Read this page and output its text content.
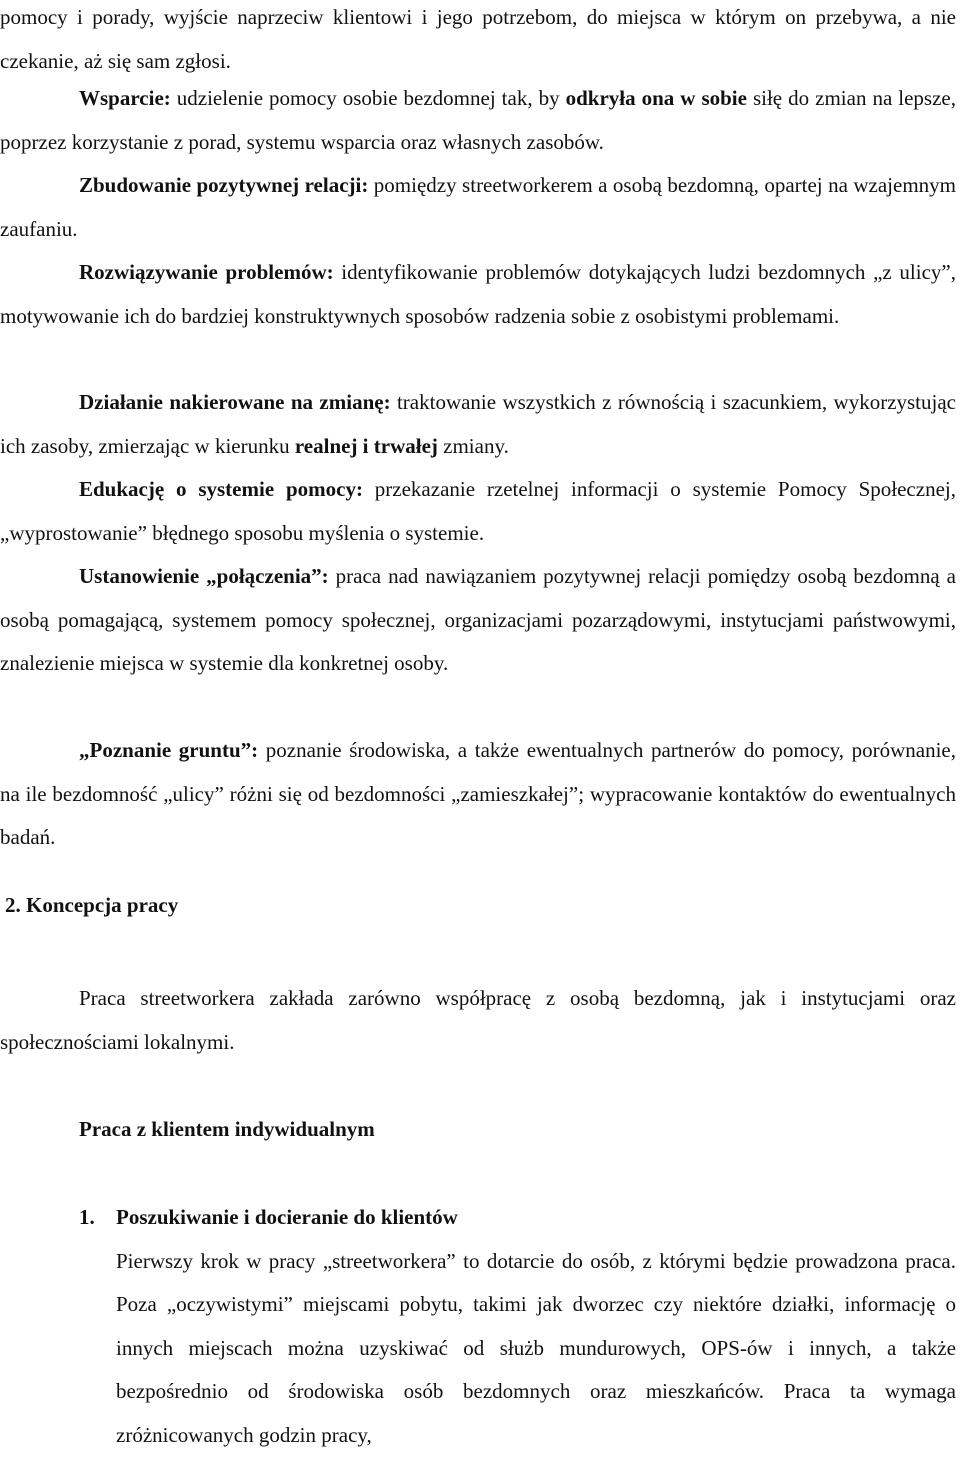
pomocy i porady, wyjście naprzeciw klientowi i jego potrzebom, do miejsca w którym on przebywa, a nie czekanie, aż się sam zgłosi.

Wsparcie: udzielenie pomocy osobie bezdomnej tak, by odkryła ona w sobie siłę do zmian na lepsze, poprzez korzystanie z porad, systemu wsparcia oraz własnych zasobów.

Zbudowanie pozytywnej relacji: pomiędzy streetworkerem a osobą bezdomną, opartej na wzajemnym zaufaniu.

Rozwiązywanie problemów: identyfikowanie problemów dotykających ludzi bezdomnych „z ulicy”, motywowanie ich do bardziej konstruktywnych sposobów radzenia sobie z osobistymi problemami.

Działanie nakierowane na zmianę: traktowanie wszystkich z równością i szacunkiem, wykorzystując ich zasoby, zmierzając w kierunku realnej i trwałej zmiany.

Edukację o systemie pomocy: przekazanie rzetelnej informacji o systemie Pomocy Społecznej, „wyprostowanie” błędnego sposobu myślenia o systemie.

Ustanowienie „połączenia”: praca nad nawiązaniem pozytywnej relacji pomiędzy osobą bezdomną a osobą pomagającą, systemem pomocy społecznej, organizacjami pozarządowymi, instytucjami państwowymi, znalezienie miejsca w systemie dla konkretnej osoby.

„Poznanie gruntu”: poznanie środowiska, a także ewentualnych partnerów do pomocy, porównanie, na ile bezdomność „ulicy” różni się od bezdomności „zamieszkałej”; wypracowanie kontaktów do ewentualnych badań.

2. Koncepcja pracy

Praca streetworkera zakłada zarówno współpracę z osobą bezdomną, jak i instytucjami oraz społecznościami lokalnymi.

Praca z klientem indywidualnym
1. Poszukiwanie i docieranie do klientów
Pierwszy krok w pracy „streetworkera” to dotarcie do osób, z którymi będzie prowadzona praca. Poza „oczywistymi” miejscami pobytu, takimi jak dworzec czy niektóre działki, informację o innych miejscach można uzyskiwać od służb mundurowych, OPS-ów i innych, a także bezpośrednio od środowiska osób bezdomnych oraz mieszkańców. Praca ta wymaga zróżnicowanych godzin pracy,
